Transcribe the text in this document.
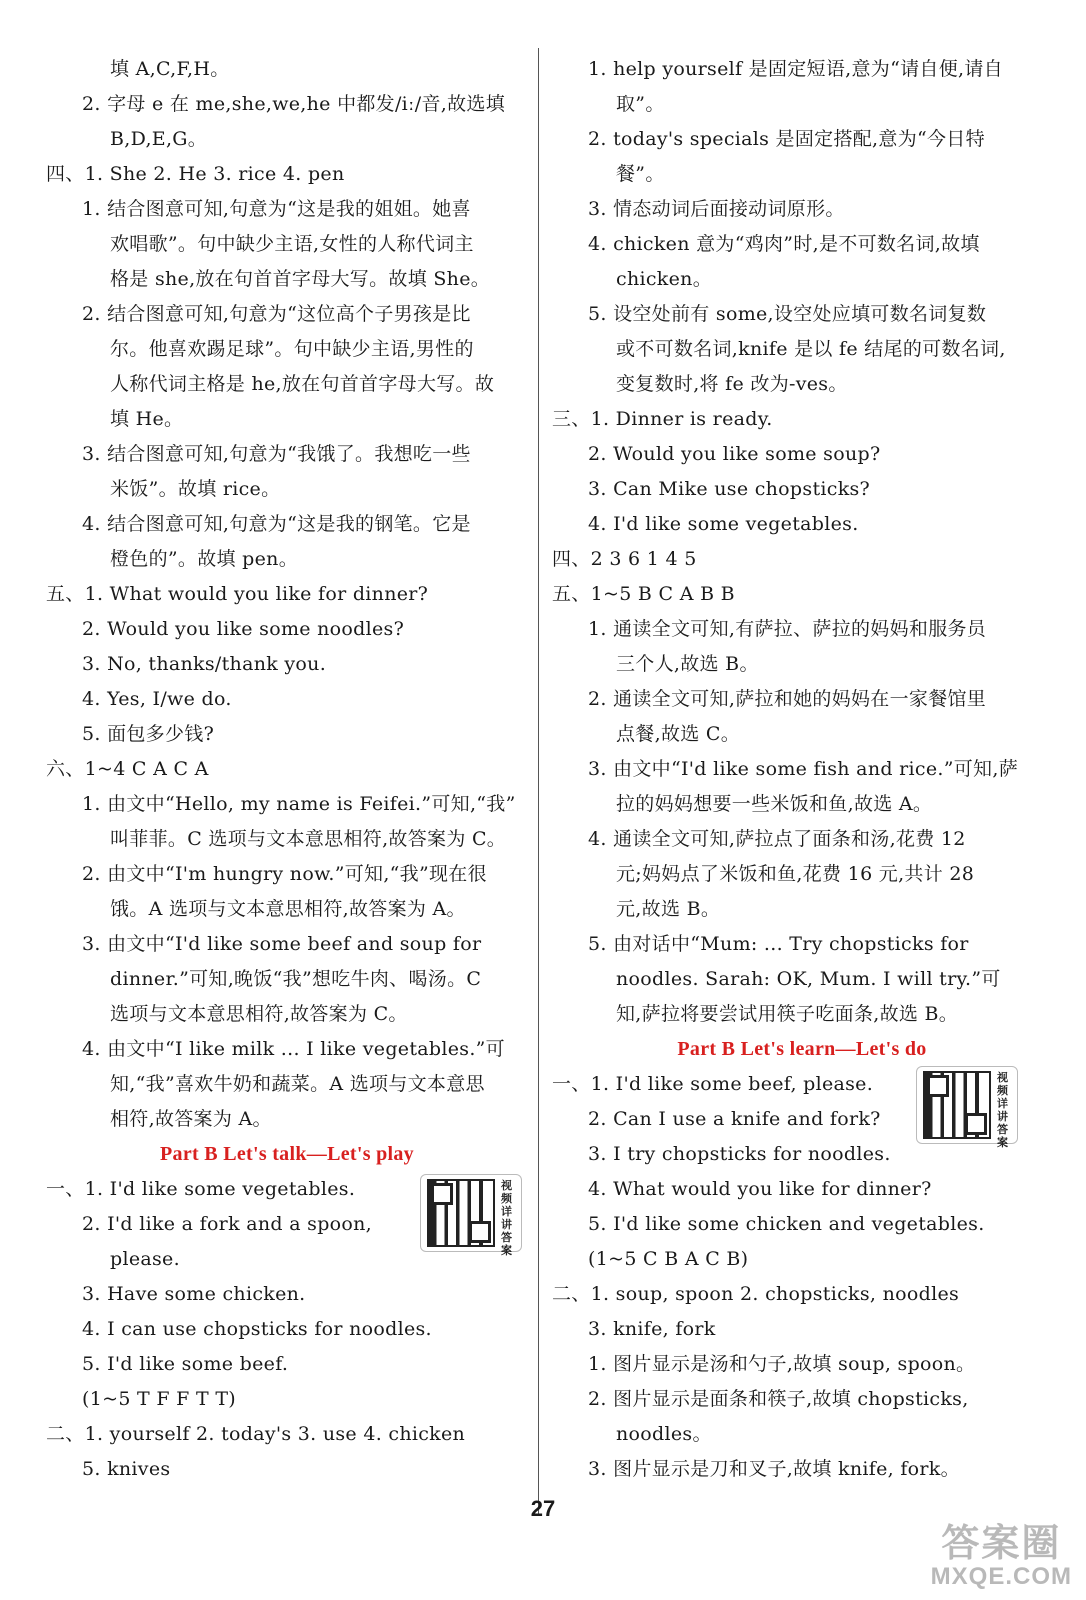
填 A,C,F,H。
2. 字母 e 在 me,she,we,he 中都发/iː/音,故选填
B,D,E,G。
四、1. She 2. He 3. rice 4. pen
1. 结合图意可知,句意为“这是我的姐姐。她喜
欢唱歌”。句中缺少主语,女性的人称代词主
格是 she,放在句首首字母大写。故填 She。
2. 结合图意可知,句意为“这位高个子男孩是比
尔。他喜欢踢足球”。句中缺少主语,男性的
人称代词主格是 he,放在句首首字母大写。故
填 He。
3. 结合图意可知,句意为“我饿了。我想吃一些
米饭”。故填 rice。
4. 结合图意可知,句意为“这是我的钢笔。它是
橙色的”。故填 pen。
五、1. What would you like for dinner?
2. Would you like some noodles?
3. No, thanks/thank you.
4. Yes, I/we do.
5. 面包多少钱?
六、1~4 C A C A
1. 由文中“Hello, my name is Feifei.”可知,“我”
叫菲菲。C 选项与文本意思相符,故答案为 C。
2. 由文中“I'm hungry now.”可知,“我”现在很
饿。A 选项与文本意思相符,故答案为 A。
3. 由文中“I'd like some beef and soup for
dinner.”可知,晚饭“我”想吃牛肉、喝汤。C
选项与文本意思相符,故答案为 C。
4. 由文中“I like milk ... I like vegetables.”可
知,“我”喜欢牛奶和蔬菜。A 选项与文本意思
相符,故答案为 A。
Part B Let's talk—Let's play
一、1. I'd like some vegetables.
2. I'd like a fork and a spoon,
please.
3. Have some chicken.
4. I can use chopsticks for noodles.
5. I'd like some beef.
(1~5 T F F T T)
二、1. yourself 2. today's 3. use 4. chicken
5. knives
1. help yourself 是固定短语,意为“请自便,请自
取”。
2. today's specials 是固定搭配,意为“今日特
餐”。
3. 情态动词后面接动词原形。
4. chicken 意为“鸡肉”时,是不可数名词,故填
chicken。
5. 设空处前有 some,设空处应填可数名词复数
或不可数名词,knife 是以 fe 结尾的可数名词,
变复数时,将 fe 改为-ves。
三、1. Dinner is ready.
2. Would you like some soup?
3. Can Mike use chopsticks?
4. I'd like some vegetables.
四、2 3 6 1 4 5
五、1~5 B C A B B
1. 通读全文可知,有萨拉、萨拉的妈妈和服务员
三个人,故选 B。
2. 通读全文可知,萨拉和她的妈妈在一家餐馆里
点餐,故选 C。
3. 由文中“I'd like some fish and rice.”可知,萨
拉的妈妈想要一些米饭和鱼,故选 A。
4. 通读全文可知,萨拉点了面条和汤,花费 12
元;妈妈点了米饭和鱼,花费 16 元,共计 28
元,故选 B。
5. 由对话中“Mum: ... Try chopsticks for
noodles. Sarah: OK, Mum. I will try.”可
知,萨拉将要尝试用筷子吃面条,故选 B。
Part B Let's learn—Let's do
一、1. I'd like some beef, please.
2. Can I use a knife and fork?
3. I try chopsticks for noodles.
4. What would you like for dinner?
5. I'd like some chicken and vegetables.
(1~5 C B A C B)
二、1. soup, spoon 2. chopsticks, noodles
3. knife, fork
1. 图片显示是汤和勺子,故填 soup, spoon。
2. 图片显示是面条和筷子,故填 chopsticks,
noodles。
3. 图片显示是刀和叉子,故填 knife, fork。
视频详讲答案
视频详讲答案
27
答案圈
MXQE.COM
